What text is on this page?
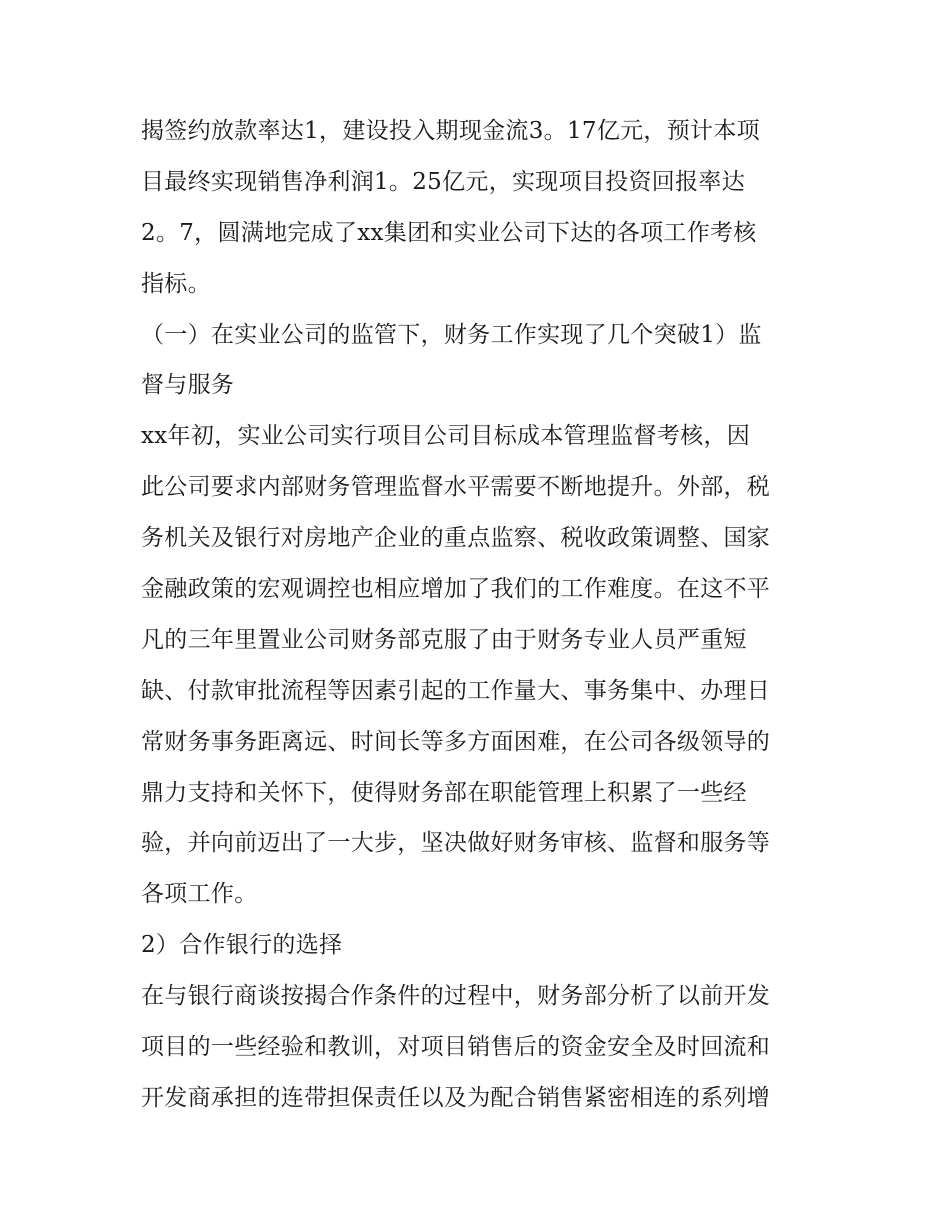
揭签约放款率达1，建设投入期现金流3。17亿元，预计本项
目最终实现销售净利润1。25亿元，实现项目投资回报率达
2。7，圆满地完成了xx集团和实业公司下达的各项工作考核
指标。
（一）在实业公司的监管下，财务工作实现了几个突破1）监
督与服务
xx年初，实业公司实行项目公司目标成本管理监督考核，因
此公司要求内部财务管理监督水平需要不断地提升。外部，税
务机关及银行对房地产企业的重点监察、税收政策调整、国家
金融政策的宏观调控也相应增加了我们的工作难度。在这不平
凡的三年里置业公司财务部克服了由于财务专业人员严重短
缺、付款审批流程等因素引起的工作量大、事务集中、办理日
常财务事务距离远、时间长等多方面困难，在公司各级领导的
鼎力支持和关怀下，使得财务部在职能管理上积累了一些经
验，并向前迈出了一大步，坚决做好财务审核、监督和服务等
各项工作。
2）合作银行的选择
在与银行商谈按揭合作条件的过程中，财务部分析了以前开发
项目的一些经验和教训，对项目销售后的资金安全及时回流和
开发商承担的连带担保责任以及为配合销售紧密相连的系列增
